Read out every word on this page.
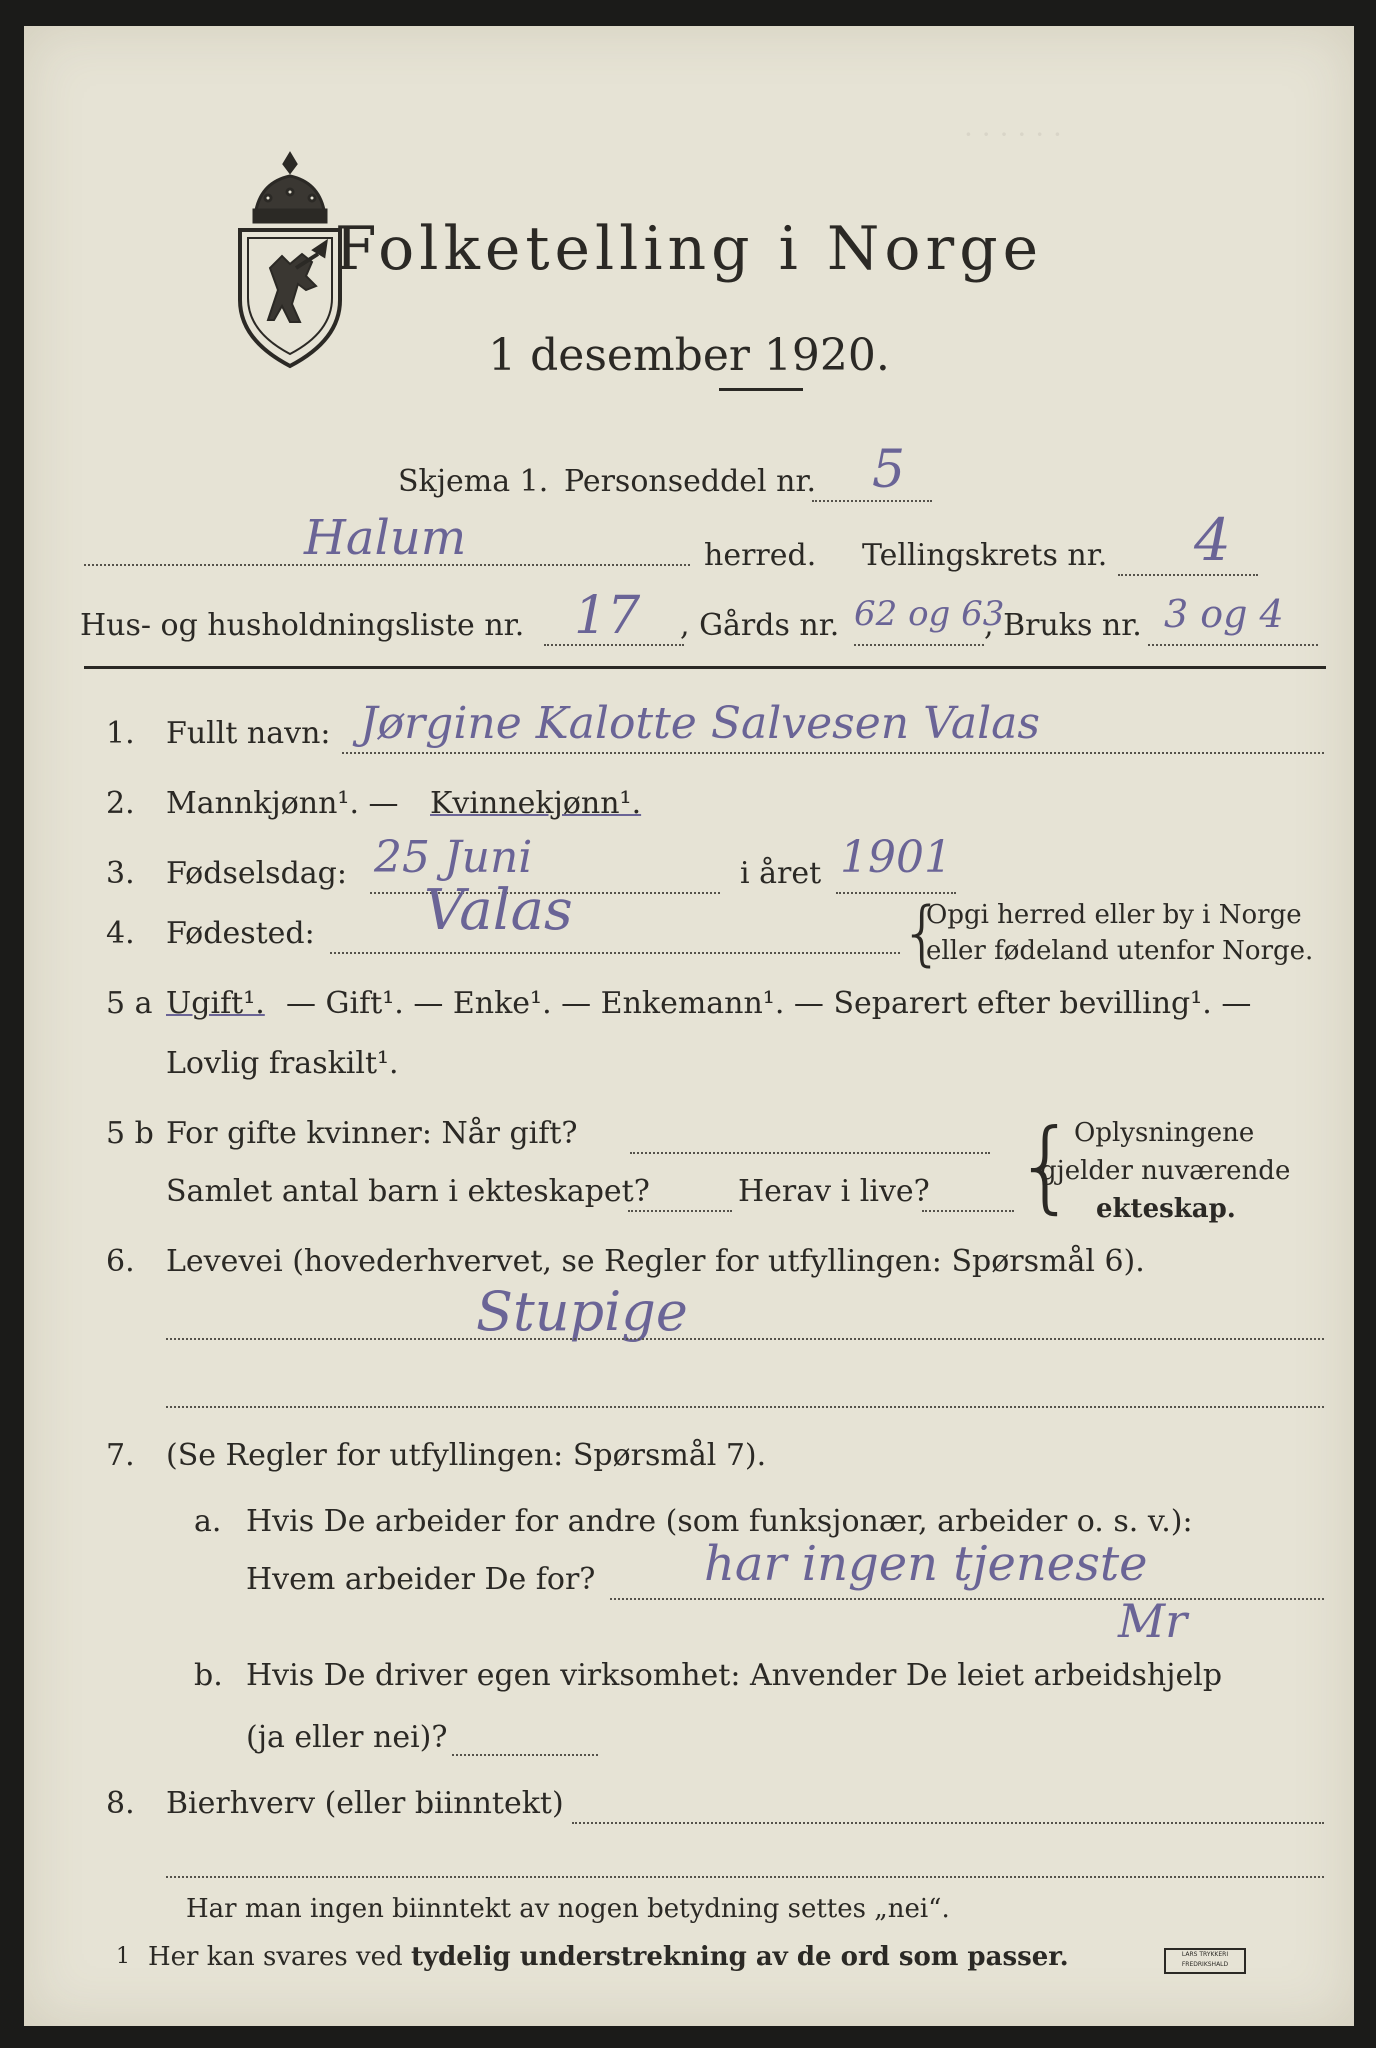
· · · · · ·
Folketelling i Norge
1 desember 1920.
Skjema 1. Personseddel nr. 5
Halum	herred. Tellingskrets nr. 4
Hus- og husholdningsliste nr. 17 , Gårds nr. 62 og 63
, Bruks nr. 3 og 4
1. Fullt navn: Jørgine Kalotte Salvesen Valas
2. Mannkjønn¹. — Kvinnekjønn¹.
3. Fødselsdag: 25 Juni	i året 1901
4. Fødested: Valas	{
Opgi herred eller by i Norge
eller fødeland utenfor Norge.
5 a Ugift¹. — Gift¹. — Enke¹. — Enkemann¹. — Separert efter bevilling¹. —
Lovlig fraskilt¹.
5 b For gifte kvinner: Når gift?
Samlet antal barn i ekteskapet?	Herav i live? {
Oplysningene
gjelder nuværende
ekteskap.
6. Levevei (hovederhvervet, se Regler for utfyllingen: Spørsmål 6).
Stupige
7. (Se Regler for utfyllingen: Spørsmål 7).
a. Hvis De arbeider for andre (som funksjonær, arbeider o. s. v.):
Hvem arbeider De for? har ingen tjeneste
Mr
b. Hvis De driver egen virksomhet: Anvender De leiet arbeidshjelp
(ja eller nei)?
8. Bierhverv (eller biinntekt)
Har man ingen biinntekt av nogen betydning settes „nei“.
1 Her kan svares ved tydelig understrekning av de ord som passer.	LARS TRYKKERI
FREDRIKSHALD
